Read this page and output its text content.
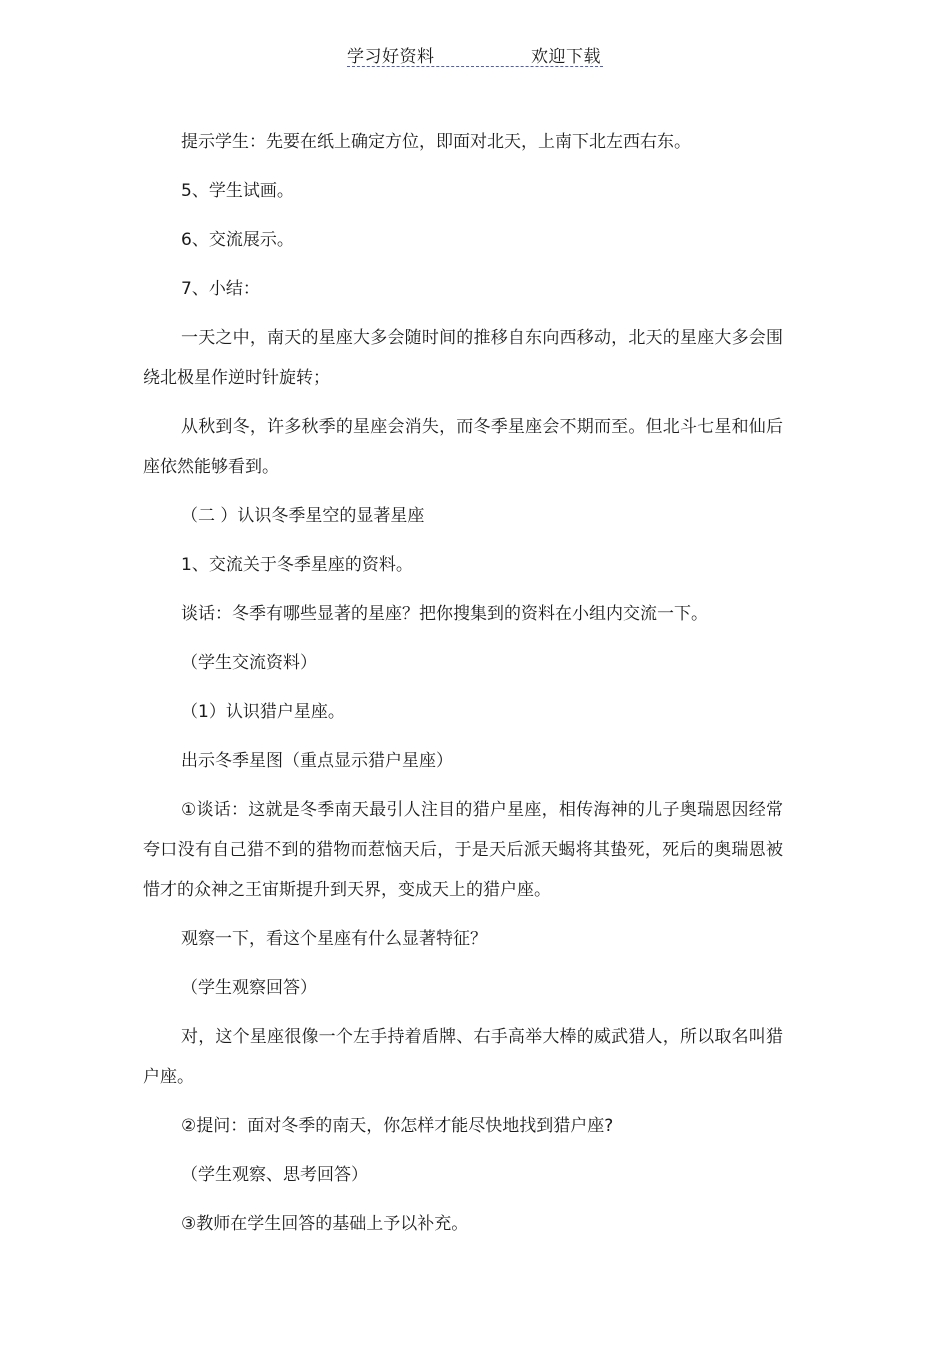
学习好资料	欢迎下载

提示学生：先要在纸上确定方位，即面对北天，上南下北左西右东。

5、学生试画。

6、交流展示。

7、小结：

一天之中，南天的星座大多会随时间的推移自东向西移动，北天的星座大多会围绕北极星作逆时针旋转；

从秋到冬，许多秋季的星座会消失，而冬季星座会不期而至。但北斗七星和仙后座依然能够看到。

（二 ）认识冬季星空的显著星座

1、交流关于冬季星座的资料。

谈话：冬季有哪些显著的星座？把你搜集到的资料在小组内交流一下。

（学生交流资料）

（1）认识猎户星座。

出示冬季星图（重点显示猎户星座）

①谈话：这就是冬季南天最引人注目的猎户星座，相传海神的儿子奥瑞恩因经常夸口没有自己猎不到的猎物而惹恼天后，于是天后派天蝎将其蛰死，死后的奥瑞恩被惜才的众神之王宙斯提升到天界，变成天上的猎户座。

观察一下，看这个星座有什么显著特征？

（学生观察回答）

对，这个星座很像一个左手持着盾牌、右手高举大棒的威武猎人，所以取名叫猎户座。

②提问：面对冬季的南天，你怎样才能尽快地找到猎户座?

（学生观察、思考回答）

③教师在学生回答的基础上予以补充。
